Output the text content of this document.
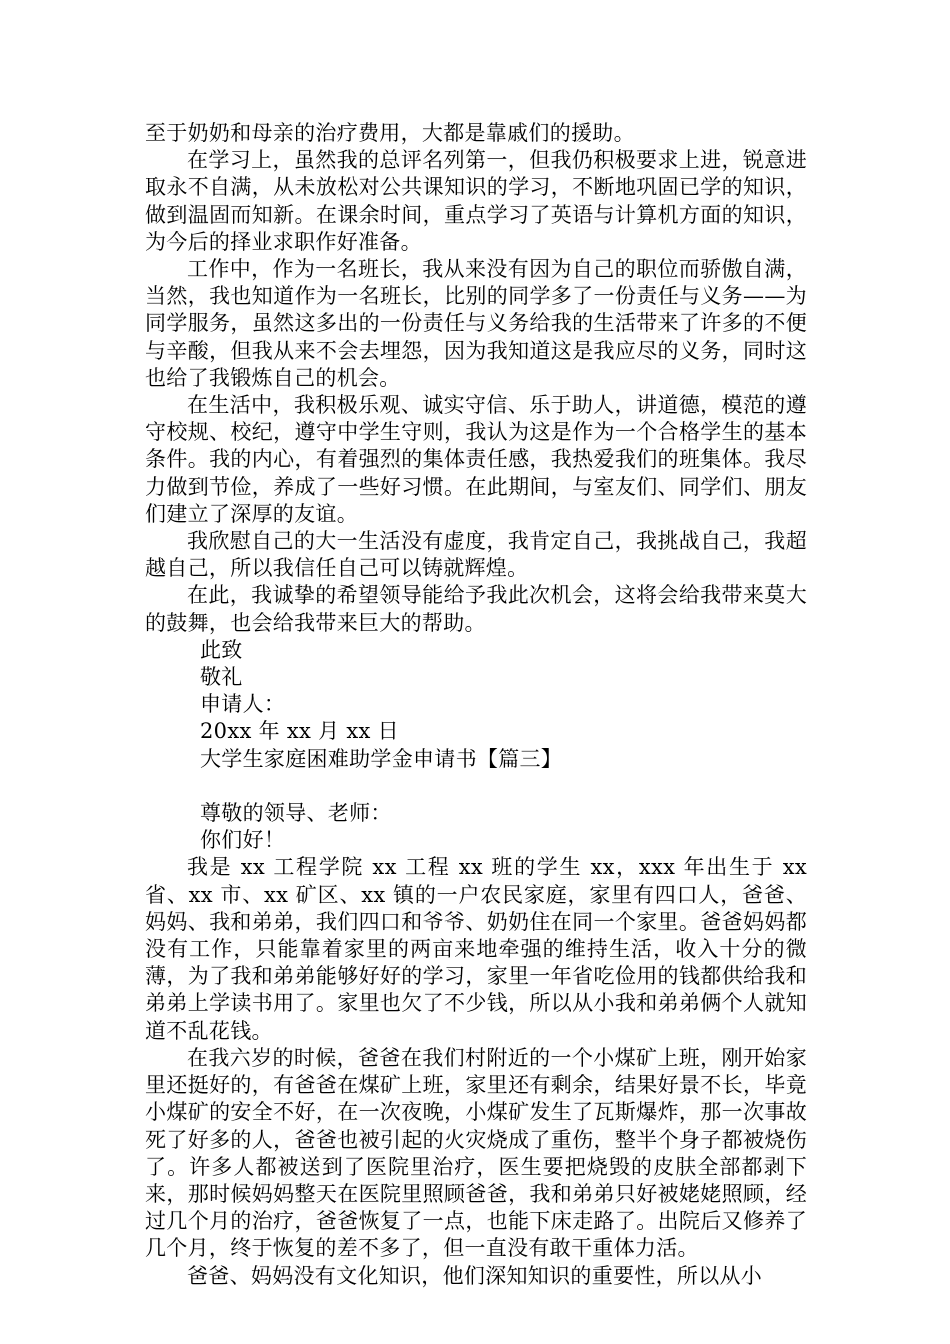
至于奶奶和母亲的治疗费用，大都是靠戚们的援助。

在学习上，虽然我的总评名列第一，但我仍积极要求上进，锐意进取永不自满，从未放松对公共课知识的学习，不断地巩固已学的知识，做到温固而知新。在课余时间，重点学习了英语与计算机方面的知识，为今后的择业求职作好准备。

工作中，作为一名班长，我从来没有因为自己的职位而骄傲自满，当然，我也知道作为一名班长，比别的同学多了一份责任与义务——为同学服务，虽然这多出的一份责任与义务给我的生活带来了许多的不便与辛酸，但我从来不会去埋怨，因为我知道这是我应尽的义务，同时这也给了我锻炼自己的机会。

在生活中，我积极乐观、诚实守信、乐于助人，讲道德，模范的遵守校规、校纪，遵守中学生守则，我认为这是作为一个合格学生的基本条件。我的内心，有着强烈的集体责任感，我热爱我们的班集体。我尽力做到节俭，养成了一些好习惯。在此期间，与室友们、同学们、朋友们建立了深厚的友谊。

我欣慰自己的大一生活没有虚度，我肯定自己，我挑战自己，我超越自己，所以我信任自己可以铸就辉煌。

在此，我诚挚的希望领导能给予我此次机会，这将会给我带来莫大的鼓舞，也会给我带来巨大的帮助。

此致

敬礼

申请人：

20xx 年 xx 月 xx 日

大学生家庭困难助学金申请书【篇三】

尊敬的领导、老师：

你们好！

我是 xx 工程学院 xx 工程 xx 班的学生 xx，xxx 年出生于 xx 省、xx 市、xx 矿区、xx 镇的一户农民家庭，家里有四口人，爸爸、妈妈、我和弟弟，我们四口和爷爷、奶奶住在同一个家里。爸爸妈妈都没有工作，只能靠着家里的两亩来地牵强的维持生活，收入十分的微薄，为了我和弟弟能够好好的学习，家里一年省吃俭用的钱都供给我和弟弟上学读书用了。家里也欠了不少钱，所以从小我和弟弟俩个人就知道不乱花钱。

在我六岁的时候，爸爸在我们村附近的一个小煤矿上班，刚开始家里还挺好的，有爸爸在煤矿上班，家里还有剩余，结果好景不长，毕竟小煤矿的安全不好，在一次夜晚，小煤矿发生了瓦斯爆炸，那一次事故死了好多的人，爸爸也被引起的火灾烧成了重伤，整半个身子都被烧伤了。许多人都被送到了医院里治疗，医生要把烧毁的皮肤全部都剥下来，那时候妈妈整天在医院里照顾爸爸，我和弟弟只好被姥姥照顾，经过几个月的治疗，爸爸恢复了一点，也能下床走路了。出院后又修养了几个月，终于恢复的差不多了，但一直没有敢干重体力活。

爸爸、妈妈没有文化知识，他们深知知识的重要性，所以从小
